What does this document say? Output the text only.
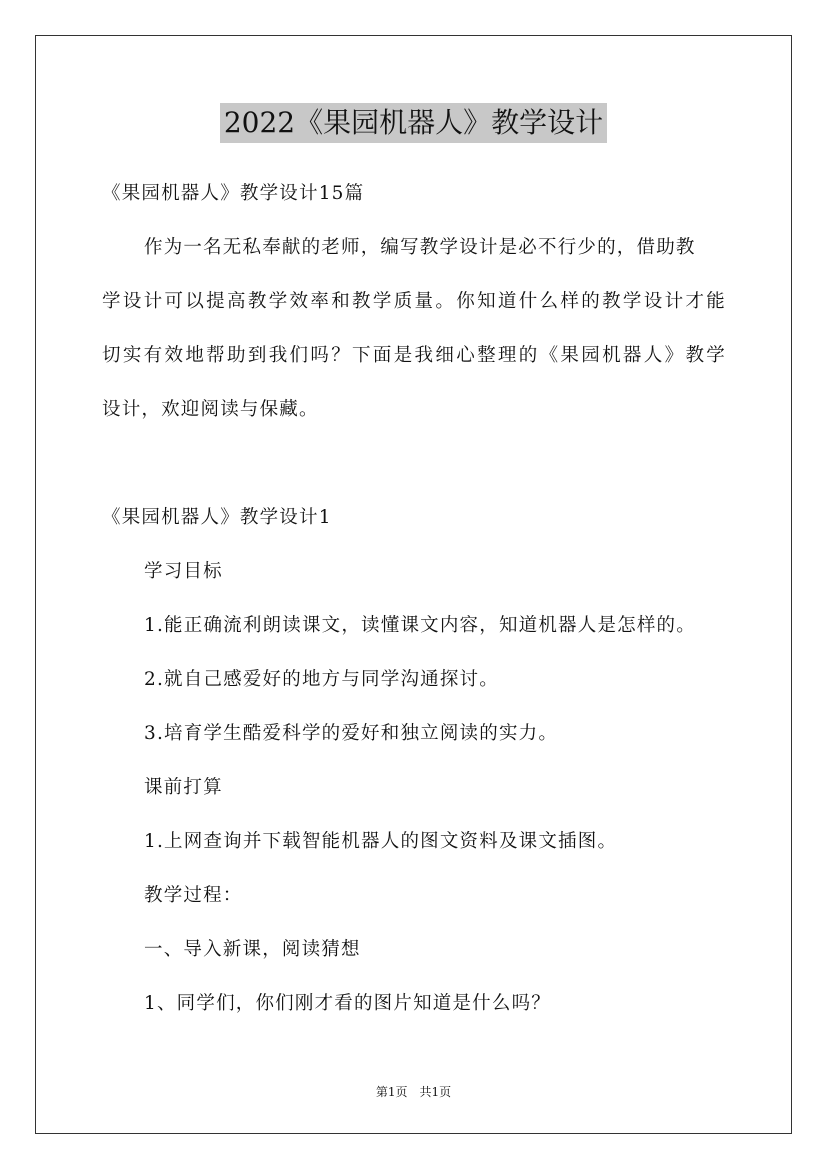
2022《果园机器人》教学设计
《果园机器人》教学设计15篇
作为一名无私奉献的老师，编写教学设计是必不行少的，借助教
学设计可以提高教学效率和教学质量。你知道什么样的教学设计才能
切实有效地帮助到我们吗？下面是我细心整理的《果园机器人》教学
设计，欢迎阅读与保藏。
《果园机器人》教学设计1
学习目标
1.能正确流利朗读课文，读懂课文内容，知道机器人是怎样的。
2.就自己感爱好的地方与同学沟通探讨。
3.培育学生酷爱科学的爱好和独立阅读的实力。
课前打算
1.上网查询并下载智能机器人的图文资料及课文插图。
教学过程：
一、导入新课，阅读猜想
1、同学们，你们刚才看的图片知道是什么吗？
第1页　共1页
